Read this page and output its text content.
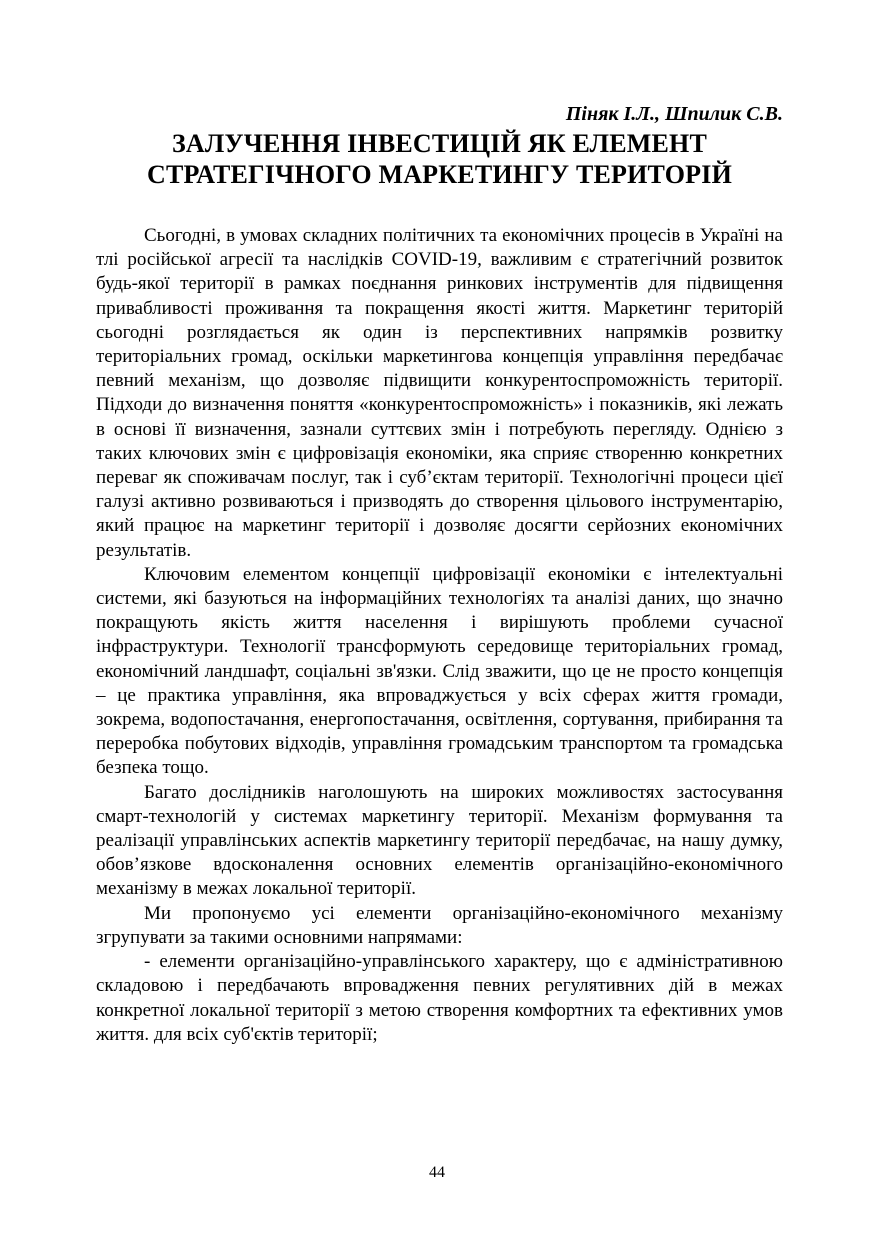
Піняк І.Л., Шпилик С.В.

ЗАЛУЧЕННЯ ІНВЕСТИЦІЙ ЯК ЕЛЕМЕНТ
СТРАТЕГІЧНОГО МАРКЕТИНГУ ТЕРИТОРІЙ

Сьогодні, в умовах складних політичних та економічних процесів в Україні на тлі російської агресії та наслідків COVID-19, важливим є стратегічний розвиток будь-якої території в рамках поєднання ринкових інструментів для підвищення привабливості проживання та покращення якості життя. Маркетинг територій сьогодні розглядається як один із перспективних напрямків розвитку територіальних громад, оскільки маркетингова концепція управління передбачає певний механізм, що дозволяє підвищити конкурентоспроможність території. Підходи до визначення поняття «конкурентоспроможність» і показників, які лежать в основі її визначення, зазнали суттєвих змін і потребують перегляду. Однією з таких ключових змін є цифровізація економіки, яка сприяє створенню конкретних переваг як споживачам послуг, так і суб’єктам території. Технологічні процеси цієї галузі активно розвиваються і призводять до створення цільового інструментарію, який працює на маркетинг території і дозволяє досягти серйозних економічних результатів.

Ключовим елементом концепції цифровізації економіки є інтелектуальні системи, які базуються на інформаційних технологіях та аналізі даних, що значно покращують якість життя населення і вирішують проблеми сучасної інфраструктури. Технології трансформують середовище територіальних громад, економічний ландшафт, соціальні зв'язки. Слід зважити, що це не просто концепція – це практика управління, яка впроваджується у всіх сферах життя громади, зокрема, водопостачання, енергопостачання, освітлення, сортування, прибирання та переробка побутових відходів, управління громадським транспортом та громадська безпека тощо.

Багато дослідників наголошують на широких можливостях застосування смарт-технологій у системах маркетингу території. Механізм формування та реалізації управлінських аспектів маркетингу території передбачає, на нашу думку, обов’язкове вдосконалення основних елементів організаційно-економічного механізму в межах локальної території.

Ми пропонуємо усі елементи організаційно-економічного механізму згрупувати за такими основними напрямами:

- елементи організаційно-управлінського характеру, що є адміністративною складовою і передбачають впровадження певних регулятивних дій в межах конкретної локальної території з метою створення комфортних та ефективних умов життя. для всіх суб'єктів території;

44
